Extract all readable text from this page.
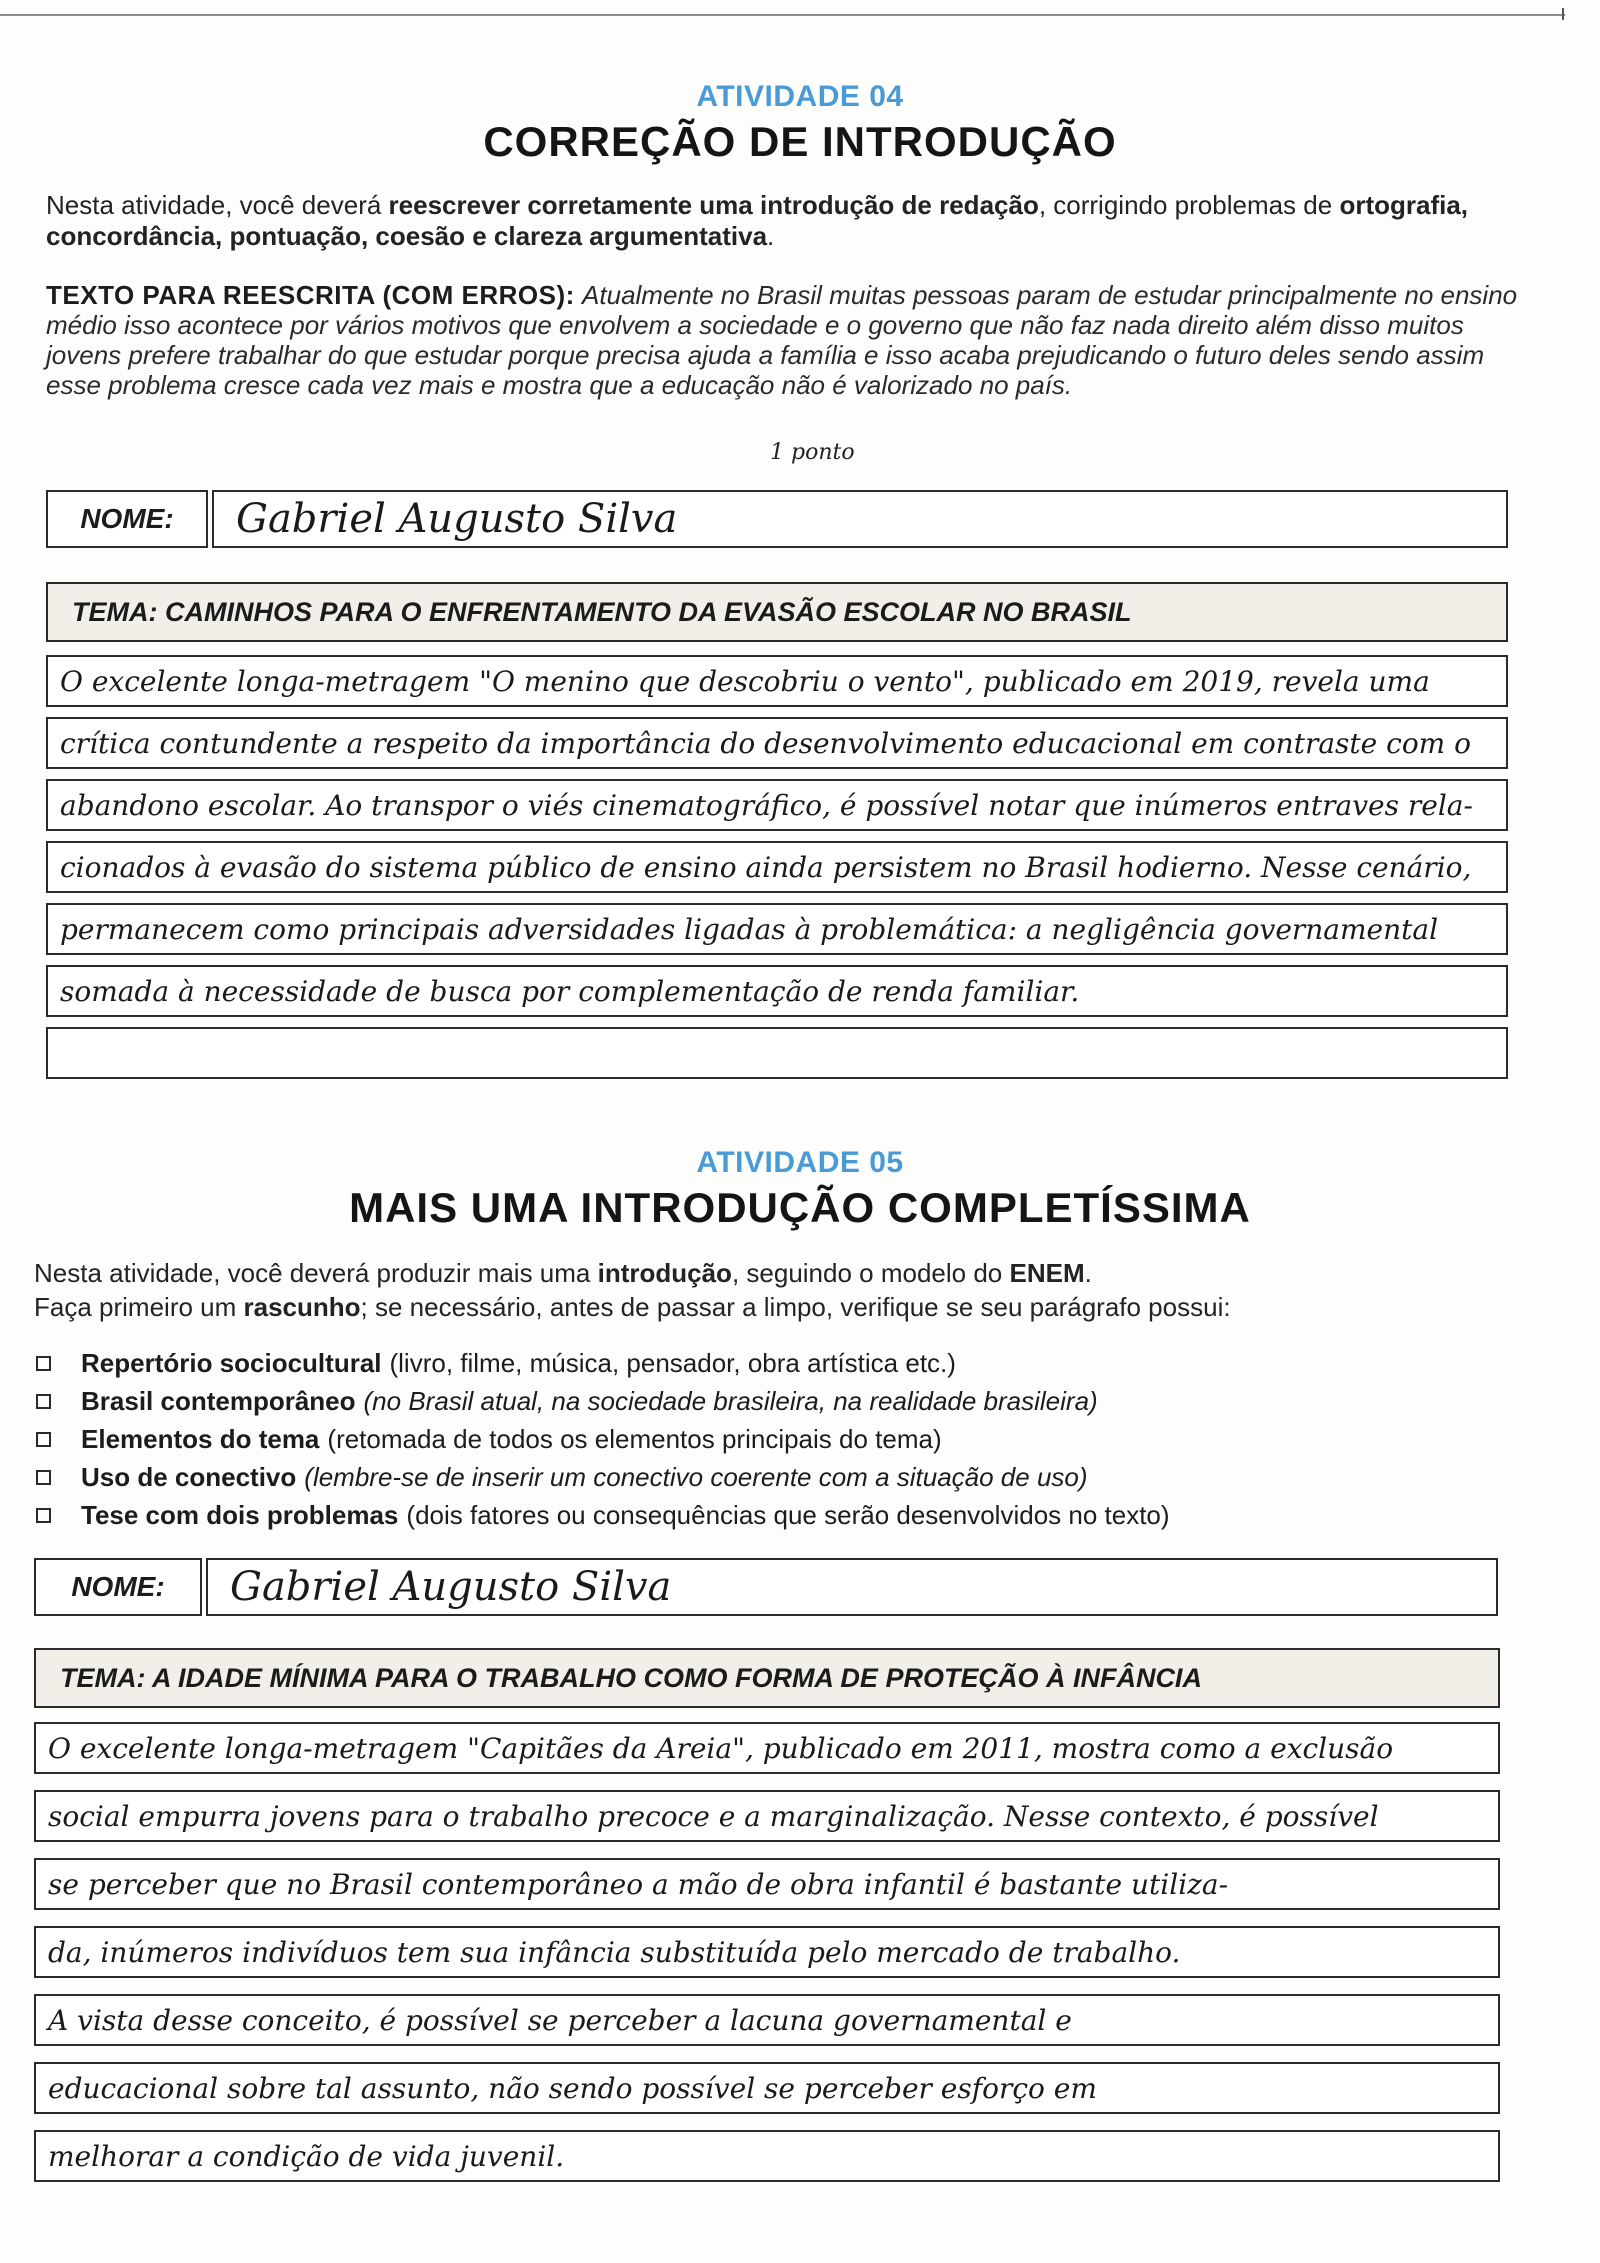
ATIVIDADE 04
CORREÇÃO DE INTRODUÇÃO
Nesta atividade, você deverá reescrever corretamente uma introdução de redação, corrigindo problemas de ortografia, concordância, pontuação, coesão e clareza argumentativa.
TEXTO PARA REESCRITA (COM ERROS): Atualmente no Brasil muitas pessoas param de estudar principalmente no ensino médio isso acontece por vários motivos que envolvem a sociedade e o governo que não faz nada direito além disso muitos jovens prefere trabalhar do que estudar porque precisa ajuda a família e isso acaba prejudicando o futuro deles sendo assim esse problema cresce cada vez mais e mostra que a educação não é valorizado no país.
1 ponto
NOME:	Gabriel Augusto Silva
TEMA: CAMINHOS PARA O ENFRENTAMENTO DA EVASÃO ESCOLAR NO BRASIL
O excelente longa-metragem "O menino que descobriu o vento", publicado em 2019, revela uma
crítica contundente a respeito da importância do desenvolvimento educacional em contraste com o
abandono escolar. Ao transpor o viés cinematográfico, é possível notar que inúmeros entraves rela-
cionados à evasão do sistema público de ensino ainda persistem no Brasil hodierno. Nesse cenário,
permanecem como principais adversidades ligadas à problemática: a negligência governamental
somada à necessidade de busca por complementação de renda familiar.
ATIVIDADE 05
MAIS UMA INTRODUÇÃO COMPLETÍSSIMA
Nesta atividade, você deverá produzir mais uma introdução, seguindo o modelo do ENEM.
Faça primeiro um rascunho; se necessário, antes de passar a limpo, verifique se seu parágrafo possui:
Repertório sociocultural (livro, filme, música, pensador, obra artística etc.)
Brasil contemporâneo (no Brasil atual, na sociedade brasileira, na realidade brasileira)
Elementos do tema (retomada de todos os elementos principais do tema)
Uso de conectivo (lembre-se de inserir um conectivo coerente com a situação de uso)
Tese com dois problemas (dois fatores ou consequências que serão desenvolvidos no texto)
NOME:	Gabriel Augusto Silva
TEMA: A IDADE MÍNIMA PARA O TRABALHO COMO FORMA DE PROTEÇÃO À INFÂNCIA
O excelente longa-metragem "Capitães da Areia", publicado em 2011, mostra como a exclusão
social empurra jovens para o trabalho precoce e a marginalização. Nesse contexto, é possível
se perceber que no Brasil contemporâneo a mão de obra infantil é bastante utiliza-
da, inúmeros indivíduos tem sua infância substituída pelo mercado de trabalho.
A vista desse conceito, é possível se perceber a lacuna governamental e
educacional sobre tal assunto, não sendo possível se perceber esforço em
melhorar a condição de vida juvenil.
